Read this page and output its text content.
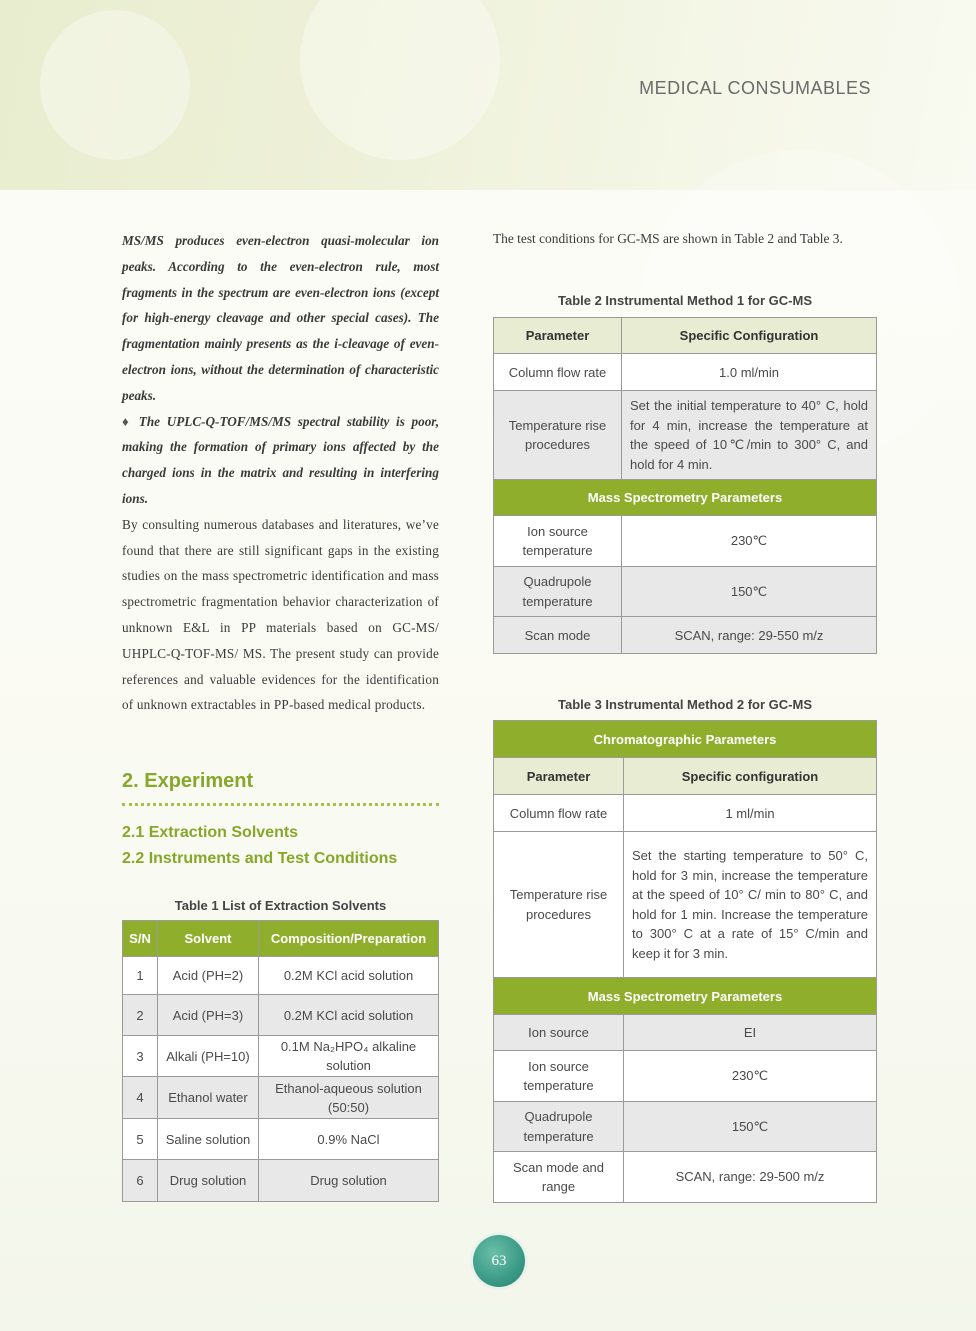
MEDICAL CONSUMABLES

MS/MS produces even-electron quasi-molecular ion peaks. According to the even-electron rule, most fragments in the spectrum are even-electron ions (except for high-energy cleavage and other special cases). The fragmentation mainly presents as the i-cleavage of even-electron ions, without the determination of characteristic peaks.

♦ The UPLC-Q-TOF/MS/MS spectral stability is poor, making the formation of primary ions affected by the charged ions in the matrix and resulting in interfering ions.

By consulting numerous databases and literatures, we’ve found that there are still significant gaps in the existing studies on the mass spectrometric identification and mass spectrometric fragmentation behavior characterization of unknown E&L in PP materials based on GC-MS/ UHPLC-Q-TOF-MS/ MS. The present study can provide references and valuable evidences for the identification of unknown extractables in PP-based medical products.

2. Experiment
2.1 Extraction Solvents
2.2 Instruments and Test Conditions
Table 1 List of Extraction Solvents
S/N	Solvent	Composition/Preparation
1	Acid (PH=2)	0.2M KCl acid solution
2	Acid (PH=3)	0.2M KCl acid solution
3	Alkali (PH=10)	0.1M Na₂HPO₄ alkaline solution
4	Ethanol water	Ethanol-aqueous solution (50:50)
5	Saline solution	0.9% NaCl
6	Drug solution	Drug solution
The test conditions for GC-MS are shown in Table 2 and Table 3.
Table 2 Instrumental Method 1 for GC-MS
Parameter	Specific Configuration
Column flow rate	1.0 ml/min
Temperature rise procedures	Set the initial temperature to 40° C, hold for 4 min, increase the temperature at the speed of 10℃/min to 300° C, and hold for 4 min.
Mass Spectrometry Parameters	
Ion source temperature	230℃
Quadrupole temperature	150℃
Scan mode	SCAN, range: 29-550 m/z
Table 3 Instrumental Method 2 for GC-MS
Chromatographic Parameters	
Parameter	Specific configuration
Column flow rate	1 ml/min
Temperature rise procedures	Set the starting temperature to 50° C, hold for 3 min, increase the temperature at the speed of 10° C/ min to 80° C, and hold for 1 min. Increase the temperature to 300° C at a rate of 15° C/min and keep it for 3 min.
Mass Spectrometry Parameters	
Ion source	EI
Ion source temperature	230℃
Quadrupole temperature	150℃
Scan mode and range	SCAN, range: 29-500 m/z
63
